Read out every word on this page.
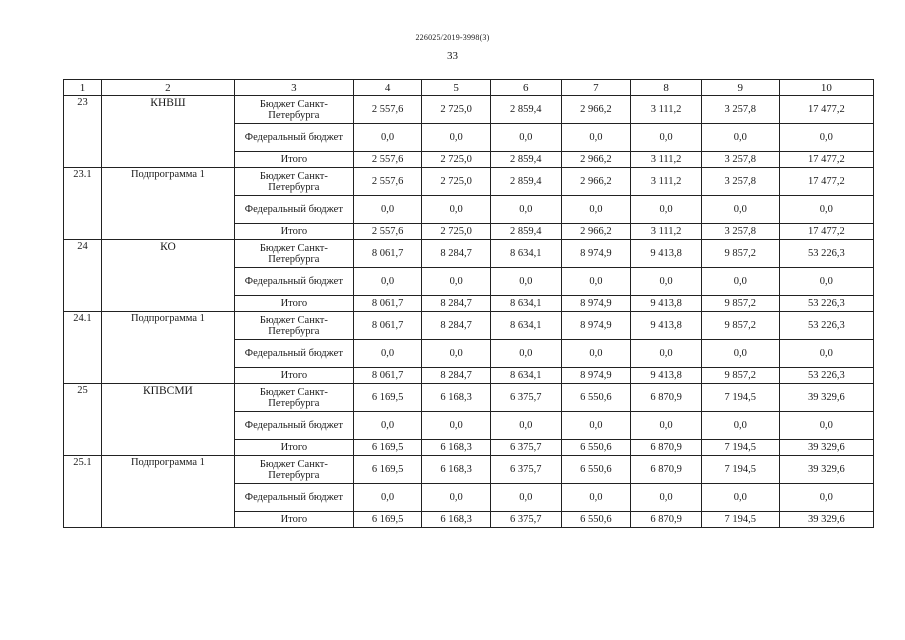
226025/2019-3998(3)
33
1	2	3	4	5	6	7	8	9	10
23	КНВШ	Бюджет Санкт-Петербурга	2 557,6	2 725,0	2 859,4	2 966,2	3 111,2	3 257,8	17 477,2
		Федеральный бюджет	0,0	0,0	0,0	0,0	0,0	0,0	0,0
		Итого	2 557,6	2 725,0	2 859,4	2 966,2	3 111,2	3 257,8	17 477,2
23.1	Подпрограмма 1	Бюджет Санкт-Петербурга	2 557,6	2 725,0	2 859,4	2 966,2	3 111,2	3 257,8	17 477,2
		Федеральный бюджет	0,0	0,0	0,0	0,0	0,0	0,0	0,0
		Итого	2 557,6	2 725,0	2 859,4	2 966,2	3 111,2	3 257,8	17 477,2
24	КО	Бюджет Санкт-Петербурга	8 061,7	8 284,7	8 634,1	8 974,9	9 413,8	9 857,2	53 226,3
		Федеральный бюджет	0,0	0,0	0,0	0,0	0,0	0,0	0,0
		Итого	8 061,7	8 284,7	8 634,1	8 974,9	9 413,8	9 857,2	53 226,3
24.1	Подпрограмма 1	Бюджет Санкт-Петербурга	8 061,7	8 284,7	8 634,1	8 974,9	9 413,8	9 857,2	53 226,3
		Федеральный бюджет	0,0	0,0	0,0	0,0	0,0	0,0	0,0
		Итого	8 061,7	8 284,7	8 634,1	8 974,9	9 413,8	9 857,2	53 226,3
25	КПВСМИ	Бюджет Санкт-Петербурга	6 169,5	6 168,3	6 375,7	6 550,6	6 870,9	7 194,5	39 329,6
		Федеральный бюджет	0,0	0,0	0,0	0,0	0,0	0,0	0,0
		Итого	6 169,5	6 168,3	6 375,7	6 550,6	6 870,9	7 194,5	39 329,6
25.1	Подпрограмма 1	Бюджет Санкт-Петербурга	6 169,5	6 168,3	6 375,7	6 550,6	6 870,9	7 194,5	39 329,6
		Федеральный бюджет	0,0	0,0	0,0	0,0	0,0	0,0	0,0
		Итого	6 169,5	6 168,3	6 375,7	6 550,6	6 870,9	7 194,5	39 329,6
